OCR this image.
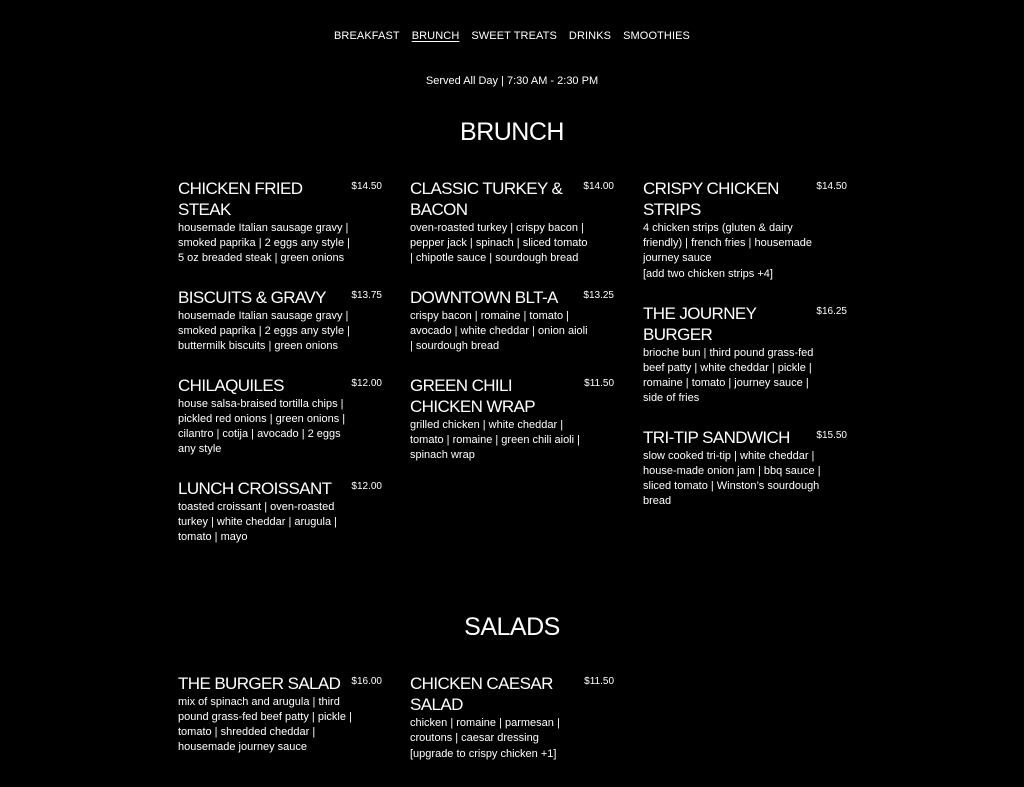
BREAKFAST BRUNCH SWEET TREATS DRINKS SMOOTHIES
Served All Day | 7:30 AM - 2:30 PM
BRUNCH
CHICKEN FRIED STEAK
$14.50
housemade Italian sausage gravy | smoked paprika | 2 eggs any style | 5 oz breaded steak | green onions
BISCUITS & GRAVY	$13.75
housemade Italian sausage gravy | smoked paprika | 2 eggs any style | buttermilk biscuits | green onions
CHILAQUILES	$12.00
house salsa-braised tortilla chips | pickled red onions | green onions | cilantro | cotija | avocado | 2 eggs any style
LUNCH CROISSANT	$12.00
toasted croissant | oven-roasted turkey | white cheddar | arugula | tomato | mayo
CLASSIC TURKEY & BACON
$14.00
oven-roasted turkey | crispy bacon | pepper jack | spinach | sliced tomato | chipotle sauce | sourdough bread
DOWNTOWN BLT-A	$13.25
crispy bacon | romaine | tomato | avocado | white cheddar | onion aioli | sourdough bread
GREEN CHILI CHICKEN WRAP
$11.50
grilled chicken | white cheddar | tomato | romaine | green chili aioli | spinach wrap
CRISPY CHICKEN STRIPS
$14.50
4 chicken strips (gluten & dairy friendly) | french fries | housemade journey sauce
[add two chicken strips +4]
THE JOURNEY BURGER
$16.25
brioche bun | third pound grass-fed beef patty | white cheddar | pickle | romaine | tomato | journey sauce | side of fries
TRI-TIP SANDWICH	$15.50
slow cooked tri-tip | white cheddar | house-made onion jam | bbq sauce | sliced tomato | Winston’s sourdough bread
SALADS
THE BURGER SALAD	$16.00
mix of spinach and arugula | third pound grass-fed beef patty | pickle | tomato | shredded cheddar | housemade journey sauce
CHICKEN CAESAR SALAD
$11.50
chicken | romaine | parmesan | croutons | caesar dressing
[upgrade to crispy chicken +1]
